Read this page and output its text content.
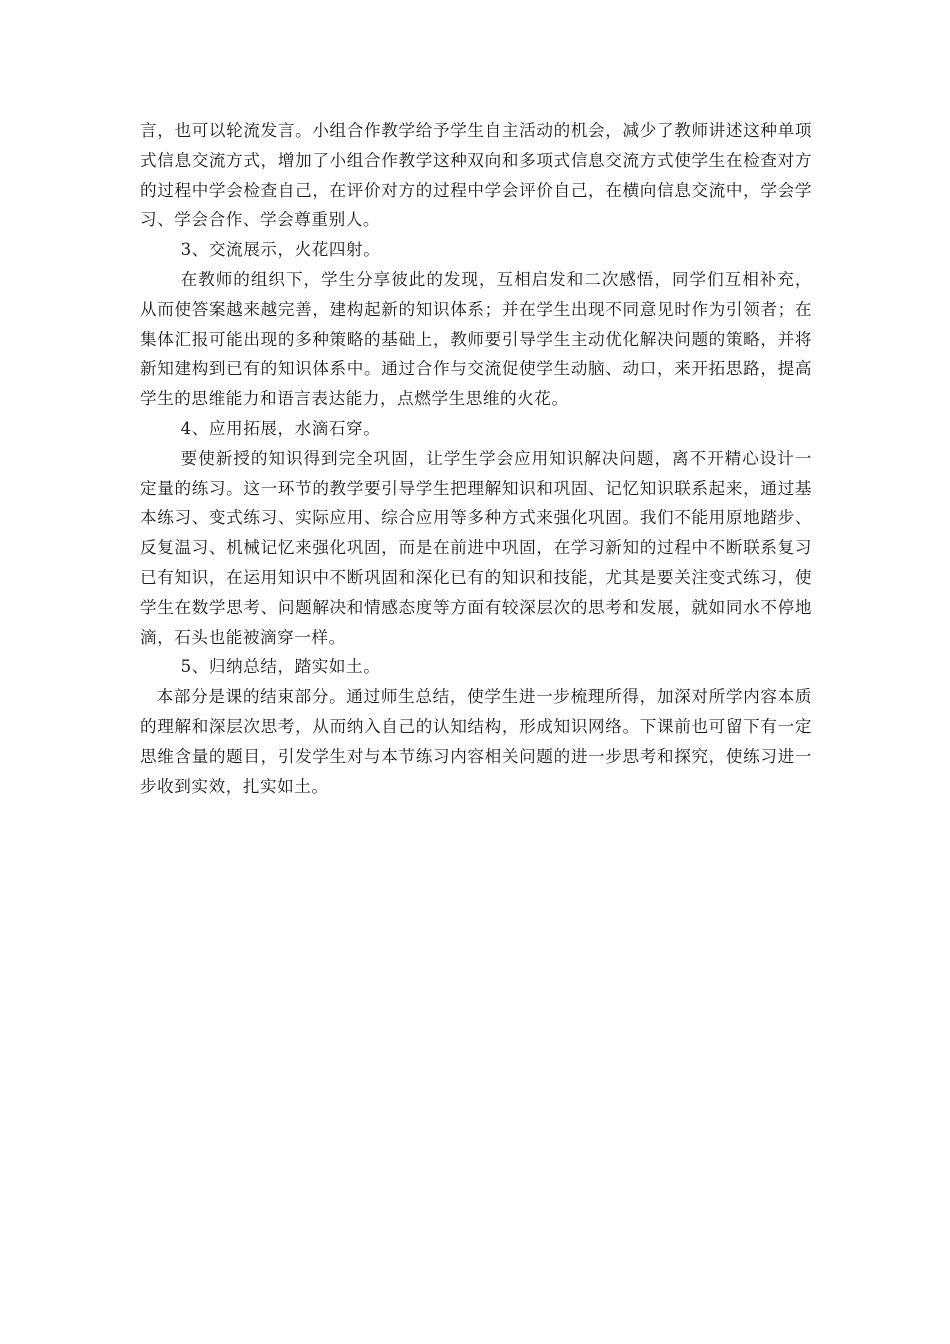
言，也可以轮流发言。小组合作教学给予学生自主活动的机会，减少了教师讲述这种单项式信息交流方式，增加了小组合作教学这种双向和多项式信息交流方式使学生在检查对方的过程中学会检查自己，在评价对方的过程中学会评价自己，在横向信息交流中，学会学习、学会合作、学会尊重别人。

3、交流展示，火花四射。

在教师的组织下，学生分享彼此的发现，互相启发和二次感悟，同学们互相补充，从而使答案越来越完善，建构起新的知识体系；并在学生出现不同意见时作为引领者；在集体汇报可能出现的多种策略的基础上，教师要引导学生主动优化解决问题的策略，并将新知建构到已有的知识体系中。通过合作与交流促使学生动脑、动口，来开拓思路，提高学生的思维能力和语言表达能力，点燃学生思维的火花。

4、应用拓展，水滴石穿。

要使新授的知识得到完全巩固，让学生学会应用知识解决问题，离不开精心设计一定量的练习。这一环节的教学要引导学生把理解知识和巩固、记忆知识联系起来，通过基本练习、变式练习、实际应用、综合应用等多种方式来强化巩固。我们不能用原地踏步、反复温习、机械记忆来强化巩固，而是在前进中巩固，在学习新知的过程中不断联系复习已有知识，在运用知识中不断巩固和深化已有的知识和技能，尤其是要关注变式练习，使学生在数学思考、问题解决和情感态度等方面有较深层次的思考和发展，就如同水不停地滴，石头也能被滴穿一样。

5、归纳总结，踏实如土。

本部分是课的结束部分。通过师生总结，使学生进一步梳理所得，加深对所学内容本质的理解和深层次思考，从而纳入自己的认知结构，形成知识网络。下课前也可留下有一定思维含量的题目，引发学生对与本节练习内容相关问题的进一步思考和探究，使练习进一步收到实效，扎实如土。
